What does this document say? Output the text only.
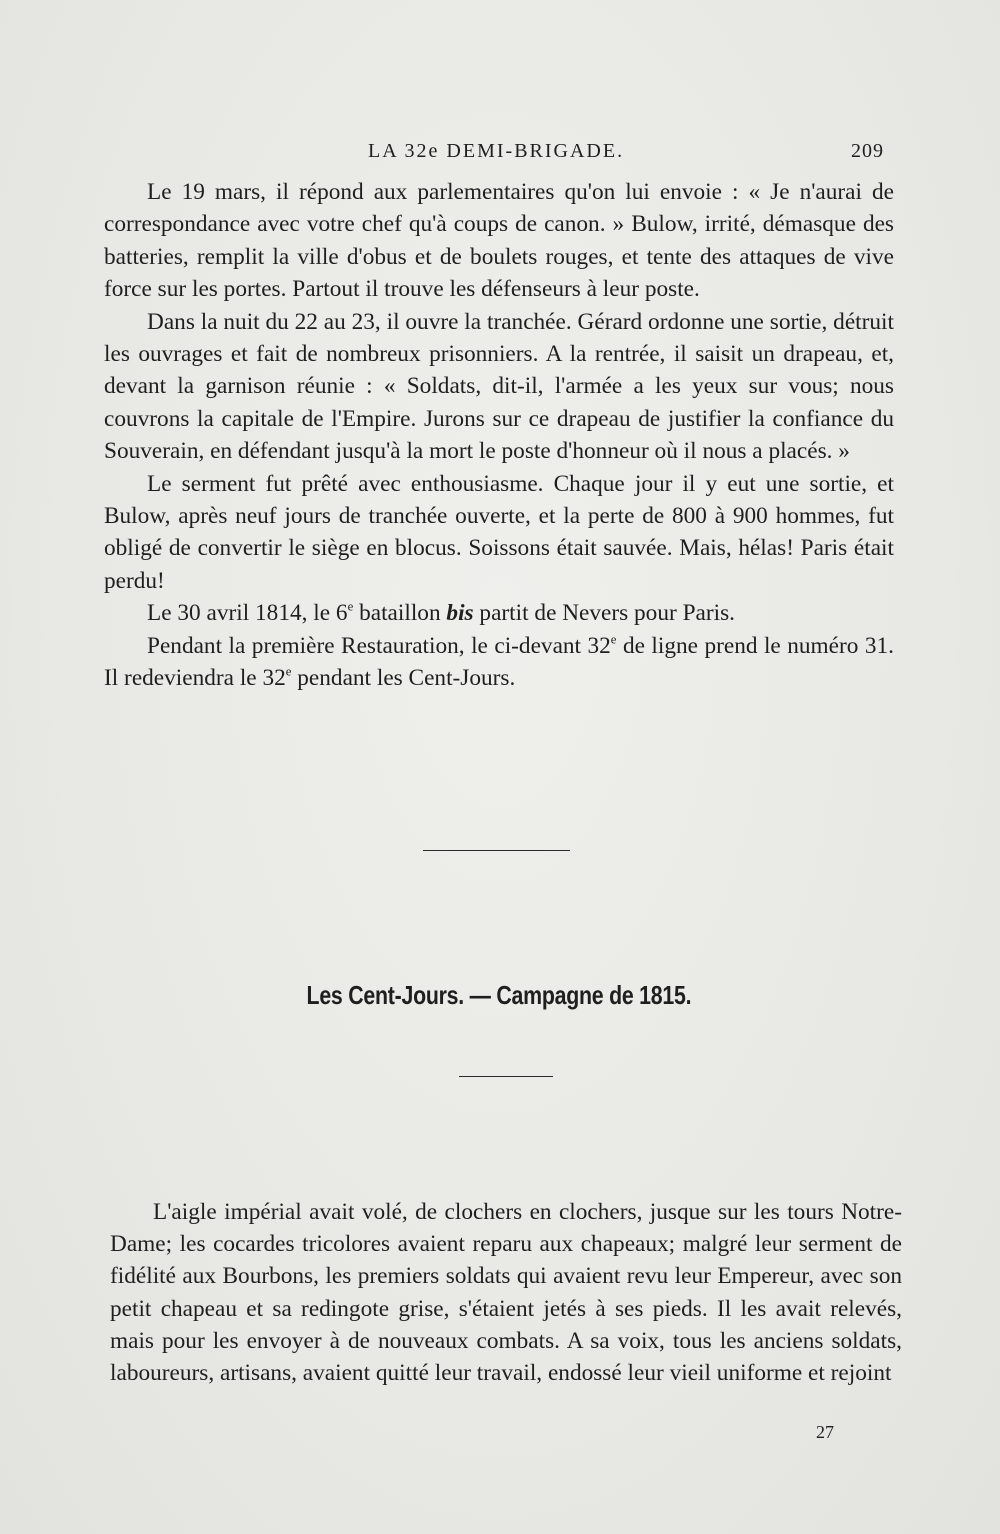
LA 32e DEMI-BRIGADE.	209

Le 19 mars, il répond aux parlementaires qu'on lui envoie : « Je n'aurai de correspondance avec votre chef qu'à coups de canon. » Bulow, irrité, démasque des batteries, remplit la ville d'obus et de boulets rouges, et tente des attaques de vive force sur les portes. Partout il trouve les défenseurs à leur poste.

Dans la nuit du 22 au 23, il ouvre la tranchée. Gérard ordonne une sortie, détruit les ouvrages et fait de nombreux prisonniers. A la rentrée, il saisit un drapeau, et, devant la garnison réunie : « Soldats, dit-il, l'armée a les yeux sur vous; nous couvrons la capitale de l'Empire. Jurons sur ce drapeau de justifier la confiance du Souverain, en défendant jusqu'à la mort le poste d'honneur où il nous a placés. »

Le serment fut prêté avec enthousiasme. Chaque jour il y eut une sortie, et Bulow, après neuf jours de tranchée ouverte, et la perte de 800 à 900 hommes, fut obligé de convertir le siège en blocus. Soissons était sauvée. Mais, hélas! Paris était perdu!

Le 30 avril 1814, le 6e bataillon bis partit de Nevers pour Paris.

Pendant la première Restauration, le ci-devant 32e de ligne prend le numéro 31. Il redeviendra le 32e pendant les Cent-Jours.

Les Cent-Jours. — Campagne de 1815.

L'aigle impérial avait volé, de clochers en clochers, jusque sur les tours Notre-Dame; les cocardes tricolores avaient reparu aux chapeaux; malgré leur serment de fidélité aux Bourbons, les premiers soldats qui avaient revu leur Empereur, avec son petit chapeau et sa redingote grise, s'étaient jetés à ses pieds. Il les avait relevés, mais pour les envoyer à de nouveaux combats. A sa voix, tous les anciens soldats, laboureurs, artisans, avaient quitté leur travail, endossé leur vieil uniforme et rejoint

27
